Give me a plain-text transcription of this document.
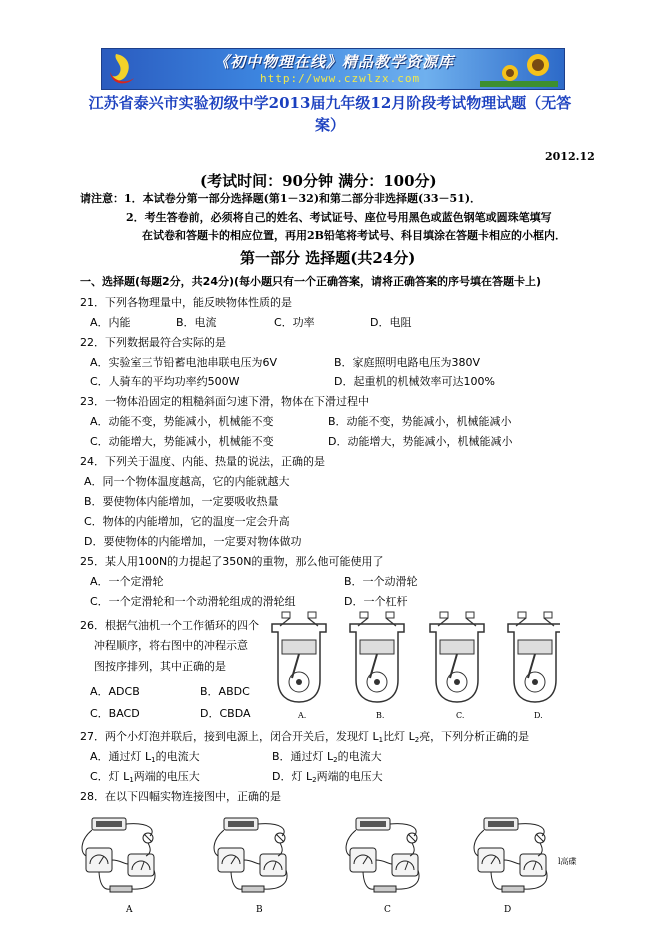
《初中物理在线》精品教学资源库
http://www.czwlzx.com
江苏省泰兴市实验初级中学2013届九年级12月阶段考试物理试题（无答案）
2012.12
(考试时间：90分钟 满分：100分)
请注意：1．本试卷分第一部分选择题(第1－32)和第二部分非选择题(33－51)．
2．考生答卷前，必须将自己的姓名、考试证号、座位号用黑色或蓝色钢笔或圆珠笔填写
在试卷和答题卡的相应位置，再用2B铅笔将考试号、科目填涂在答题卡相应的小框内．
第一部分 选择题(共24分)
一、选择题(每题2分，共24分)(每小题只有一个正确答案，请将正确答案的序号填在答题卡上)
21．下列各物理量中，能反映物体性质的是
A．内能	B．电流	C．功率	D．电阻
22．下列数据最符合实际的是
A．实验室三节铅蓄电池串联电压为6V	B．家庭照明电路电压为380V
C．人骑车的平均功率约500W	D．起重机的机械效率可达100%
23．一物体沿固定的粗糙斜面匀速下滑，物体在下滑过程中
A．动能不变，势能减小，机械能不变	B．动能不变，势能减小，机械能减小
C．动能增大，势能减小，机械能不变	D．动能增大，势能减小，机械能减小
24．下列关于温度、内能、热量的说法，正确的是
A．同一个物体温度越高，它的内能就越大
B．要使物体内能增加，一定要吸收热量
C．物体的内能增加，它的温度一定会升高
D．要使物体的内能增加，一定要对物体做功
25．某人用100N的力提起了350N的重物，那么他可能使用了
A．一个定滑轮	B．一个动滑轮
C．一个定滑轮和一个动滑轮组成的滑轮组	D．一个杠杆
26．根据气油机一个工作循环的四个
冲程顺序，将右图中的冲程示意
图按序排列，其中正确的是
A．ADCB	B．ABDC
C．BACD	D．CBDA	A.	B.	C.	D.
27．两个小灯泡并联后，接到电源上，闭合开关后，发现灯 $L_1$比灯 $L_2$亮，下列分析正确的是
A．通过灯 $L_1$的电流大	B．通过灯 $L_2$的电流大
C．灯 $L_1$两端的电压大	D．灯 $L_2$两端的电压大
28．在以下四幅实物连接图中，正确的是
A	B	C	D
l高碟
